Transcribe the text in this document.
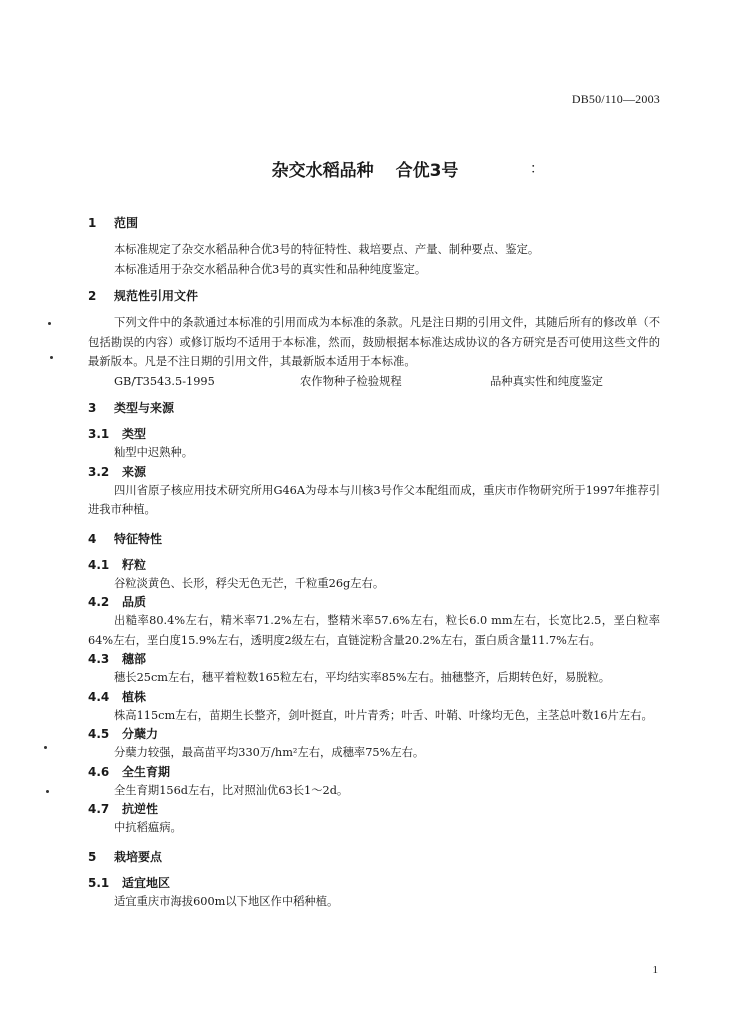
DB50/110—2003
杂交水稻品种 合优3号	：
1 范围
本标准规定了杂交水稻品种合优3号的特征特性、栽培要点、产量、制种要点、鉴定。
本标准适用于杂交水稻品种合优3号的真实性和品种纯度鉴定。
2 规范性引用文件
下列文件中的条款通过本标准的引用而成为本标准的条款。凡是注日期的引用文件，其随后所有的修改单（不包括勘误的内容）或修订版均不适用于本标准，然而，鼓励根据本标准达成协议的各方研究是否可使用这些文件的最新版本。凡是不注日期的引用文件，其最新版本适用于本标准。
GB/T3543.5-1995	农作物种子检验规程	品种真实性和纯度鉴定
3 类型与来源
3.1 类型
籼型中迟熟种。
3.2 来源
四川省原子核应用技术研究所用G46A为母本与川核3号作父本配组而成，重庆市作物研究所于1997年推荐引进我市种植。
4 特征特性
4.1 籽粒
谷粒淡黄色、长形，稃尖无色无芒，千粒重26g左右。
4.2 品质
出糙率80.4%左右，精米率71.2%左右，整精米率57.6%左右，粒长6.0 mm左右，长宽比2.5，垩白粒率64%左右，垩白度15.9%左右，透明度2级左右，直链淀粉含量20.2%左右，蛋白质含量11.7%左右。
4.3 穗部
穗长25cm左右，穗平着粒数165粒左右，平均结实率85%左右。抽穗整齐，后期转色好，易脱粒。
4.4 植株
株高115cm左右，苗期生长整齐，剑叶挺直，叶片青秀；叶舌、叶鞘、叶缘均无色，主茎总叶数16片左右。
4.5 分蘖力
分蘖力较强，最高苗平均330万/hm²左右，成穗率75%左右。
4.6 全生育期
全生育期156d左右，比对照汕优63长1～2d。
4.7 抗逆性
中抗稻瘟病。
5 栽培要点
5.1 适宜地区
适宜重庆市海拔600m以下地区作中稻种植。
1
